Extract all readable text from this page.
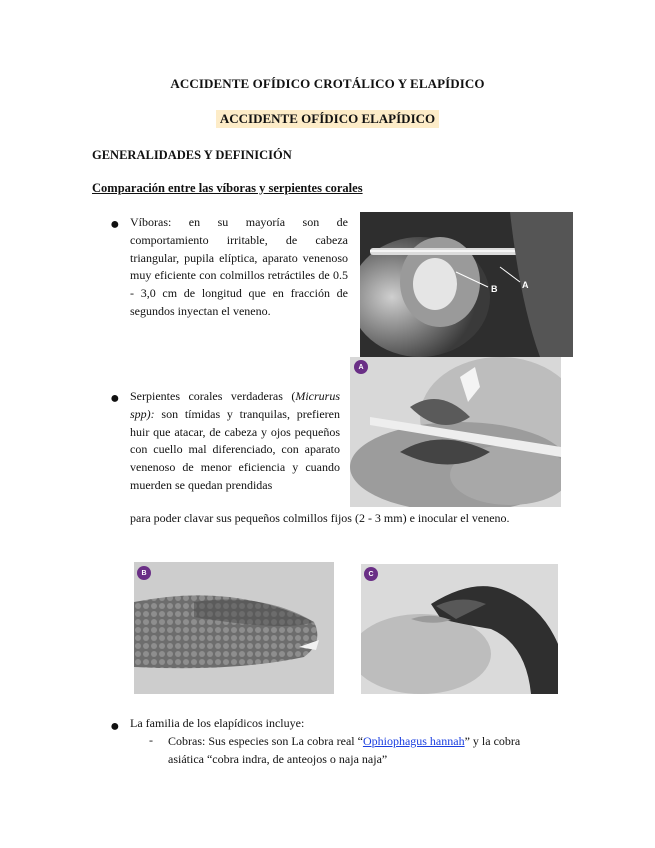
ACCIDENTE OFÍDICO CROTÁLICO Y ELAPÍDICO
ACCIDENTE OFÍDICO ELAPÍDICO
GENERALIDADES Y DEFINICIÓN
Comparación entre las víboras y serpientes corales
● Víboras: en su mayoría son de comportamiento irritable, de cabeza triangular, pupila elíptica, aparato venenoso muy eficiente con colmillos retráctiles de 0.5 - 3,0 cm de longitud que en fracción de segundos inyectan el veneno.
B	A
A
● Serpientes corales verdaderas (Micrurus spp): son tímidas y tranquilas, prefieren huir que atacar, de cabeza y ojos pequeños con cuello mal diferenciado, con aparato venenoso de menor eficiencia y cuando muerden se quedan prendidas
para poder clavar sus pequeños colmillos fijos (2 - 3 mm) e inocular el veneno.
B	C
● La familia de los elapídicos incluye:
- Cobras: Sus especies son La cobra real “Ophiophagus hannah” y la cobra
asiática “cobra indra, de anteojos o naja naja”
